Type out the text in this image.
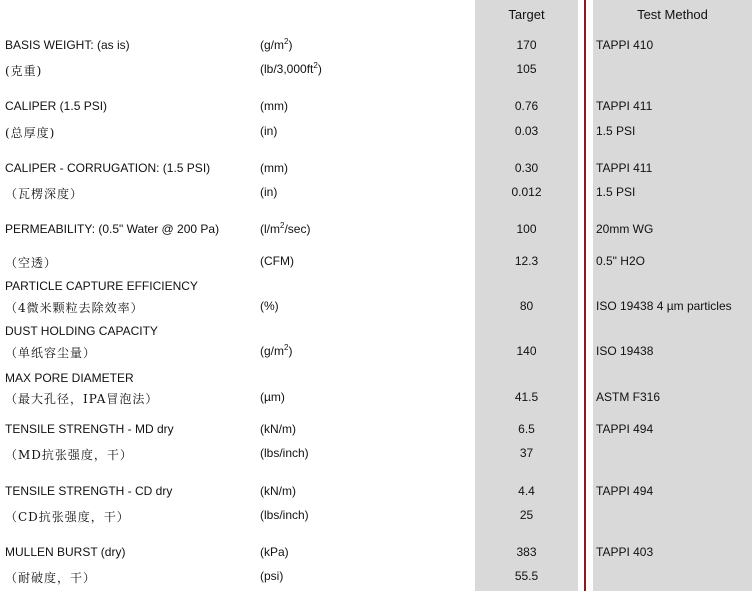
Target	Test Method
BASIS WEIGHT: (as is)	$(g/m^2)$	170	TAPPI 410
(克重)	$(lb/3,000ft^2)$	105
CALIPER (1.5 PSI)	(mm)	0.76	TAPPI 411
(总厚度)	(in)	0.03	1.5 PSI
CALIPER - CORRUGATION: (1.5 PSI)	(mm)	0.30	TAPPI 411
（瓦楞深度）	(in)	0.012	1.5 PSI
PERMEABILITY: (0.5" Water @ 200 Pa)	$(l/m^2/\sec)$	100	20mm WG
（空透）	(CFM)	12.3	0.5" H2O
PARTICLE CAPTURE EFFICIENCY
（4微米颗粒去除效率）	(%)	80	ISO 19438 4 µm particles
DUST HOLDING CAPACITY
（单纸容尘量）	$(g/m^2)$	140	ISO 19438
MAX PORE DIAMETER
（最大孔径，IPA冒泡法）	(µm)	41.5	ASTM F316
TENSILE STRENGTH - MD dry	(kN/m)	6.5	TAPPI 494
（MD抗张强度，干）	(lbs/inch)	37
TENSILE STRENGTH - CD dry	(kN/m)	4.4	TAPPI 494
（CD抗张强度，干）	(lbs/inch)	25
MULLEN BURST (dry)	(kPa)	383	TAPPI 403
（耐破度，干）	(psi)	55.5
